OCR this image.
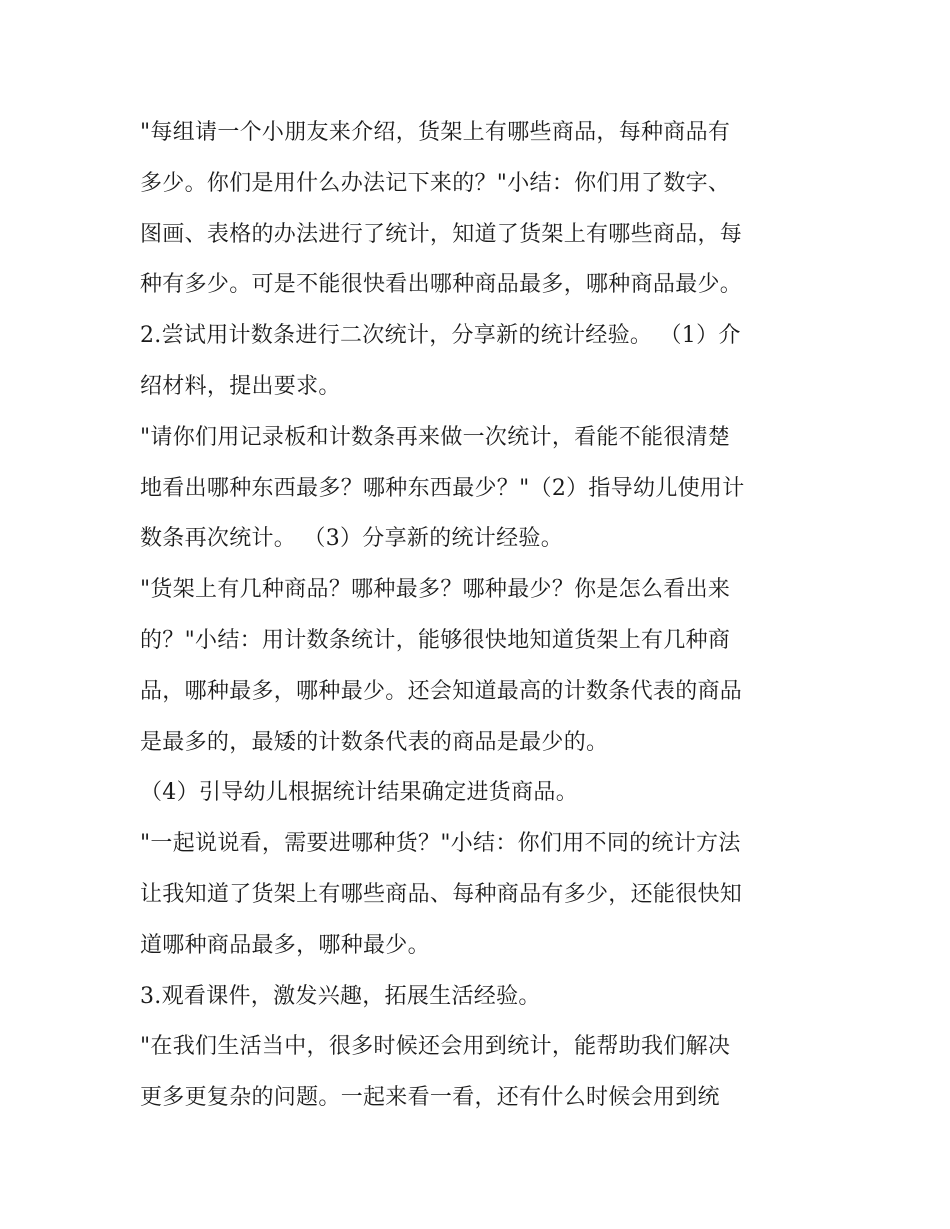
"每组请一个小朋友来介绍，货架上有哪些商品，每种商品有
多少。你们是用什么办法记下来的？"小结：你们用了数字、
图画、表格的办法进行了统计，知道了货架上有哪些商品，每
种有多少。可是不能很快看出哪种商品最多，哪种商品最少。
2.尝试用计数条进行二次统计，分享新的统计经验。 （1）介
绍材料，提出要求。
"请你们用记录板和计数条再来做一次统计，看能不能很清楚
地看出哪种东西最多？哪种东西最少？"（2）指导幼儿使用计
数条再次统计。 （3）分享新的统计经验。
"货架上有几种商品？哪种最多？哪种最少？你是怎么看出来
的？"小结：用计数条统计，能够很快地知道货架上有几种商
品，哪种最多，哪种最少。还会知道最高的计数条代表的商品
是最多的，最矮的计数条代表的商品是最少的。
（4）引导幼儿根据统计结果确定进货商品。
"一起说说看，需要进哪种货？"小结：你们用不同的统计方法
让我知道了货架上有哪些商品、每种商品有多少，还能很快知
道哪种商品最多，哪种最少。
3.观看课件，激发兴趣，拓展生活经验。
"在我们生活当中，很多时候还会用到统计，能帮助我们解决
更多更复杂的问题。一起来看一看，还有什么时候会用到统
